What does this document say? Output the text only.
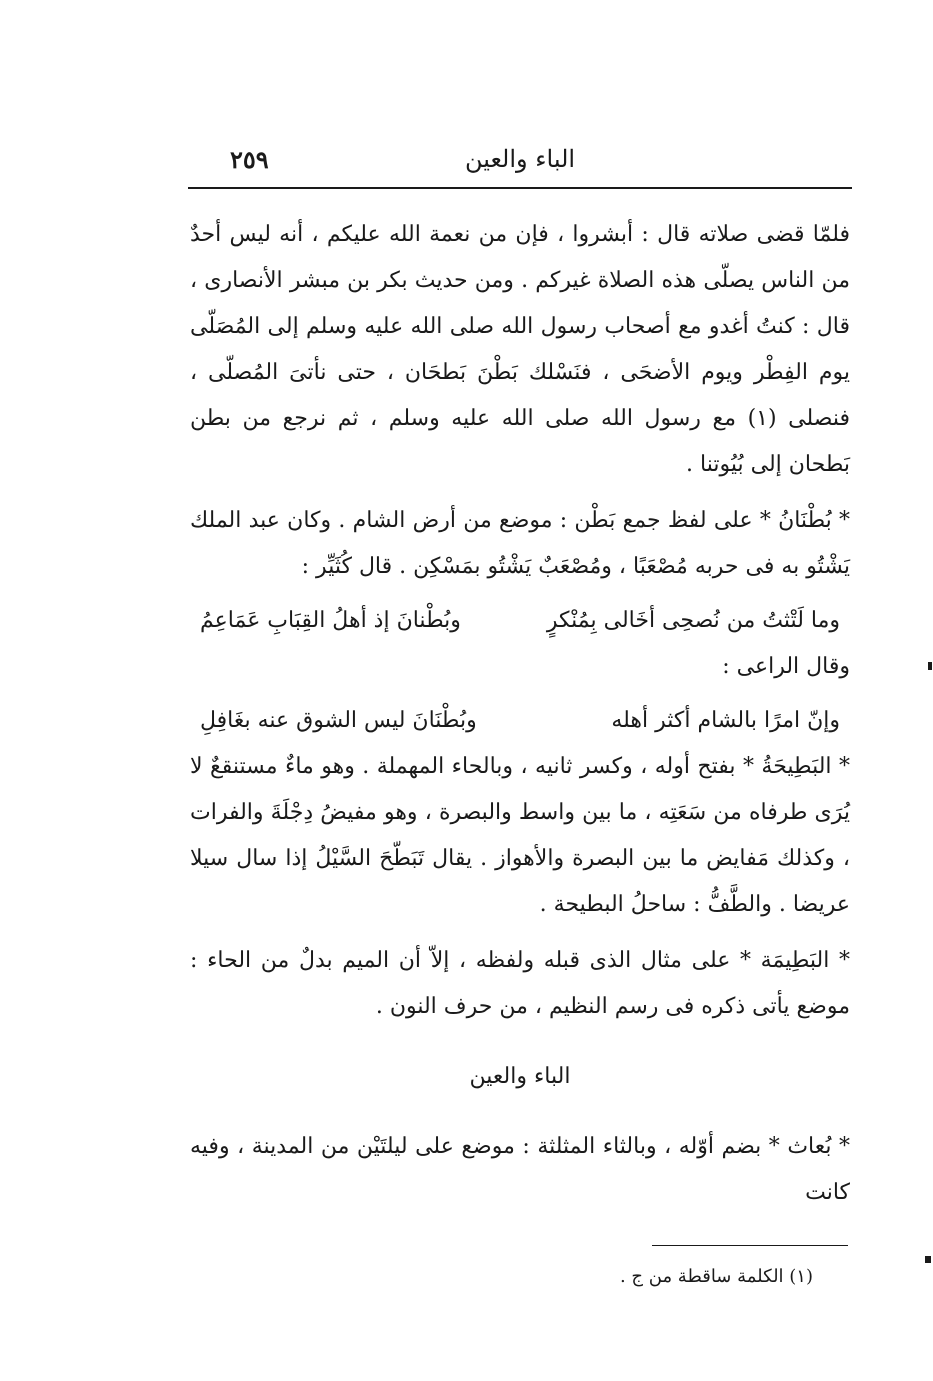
٢٥٩	الباء والعين

فلمّا قضى صلاته قال : أبشروا ، فإن من نعمة الله عليكم ، أنه ليس أحدٌ من الناس يصلّى هذه الصلاة غيركم . ومن حديث بكر بن مبشر الأنصارى ، قال : كنتُ أغدو مع أصحاب رسول الله صلى الله عليه وسلم إلى المُصَلّى يوم الفِطْر ويوم الأضحَى ، فنَسْلك بَطْنَ بَطحَان ، حتى نأتىَ المُصلّى ، فنصلى (١) مع رسول الله صلى الله عليه وسلم ، ثم نرجع من بطن بَطحان إلى بُيُوتنا .

* بُطْنَانُ * على لفظ جمع بَطْن : موضع من أرض الشام . وكان عبد الملك يَشْتُو به فى حربه مُصْعَبًا ، ومُصْعَبٌ يَشْتُو بمَسْكِن . قال كُثَيِّر :

وما لَتْثتُ من نُصحِى أخَالى بِمُنْكرٍ
وبُطْنانَ إذ أهلُ القِبَابِ عَمَاعِمُ

وقال الراعى :

وإنّ امرًا بالشام أكثر أهله
وبُطْنَانَ ليس الشوق عنه بغَافِلِ

* البَطِيحَةُ * بفتح أوله ، وكسر ثانيه ، وبالحاء المهملة . وهو ماءٌ مستنقعٌ لا يُرَى طرفاه من سَعَتِه ، ما بين واسط والبصرة ، وهو مفيضُ دِجْلَةَ والفرات ، وكذلك مَفايض ما بين البصرة والأهواز . يقال تَبَطّحَ السَّيْلُ إذا سال سيلا عريضا . والطَّفُّ : ساحلُ البطيحة .

* البَطِيمَة * على مثال الذى قبله ولفظه ، إلاّ أن الميم بدلٌ من الحاء : موضع يأتى ذكره فى رسم النظيم ، من حرف النون .

الباء والعين

* بُعاث * بضم أوّله ، وبالثاء المثلثة : موضع على ليلتَيْن من المدينة ، وفيه كانت

(١) الكلمة ساقطة من ج .
